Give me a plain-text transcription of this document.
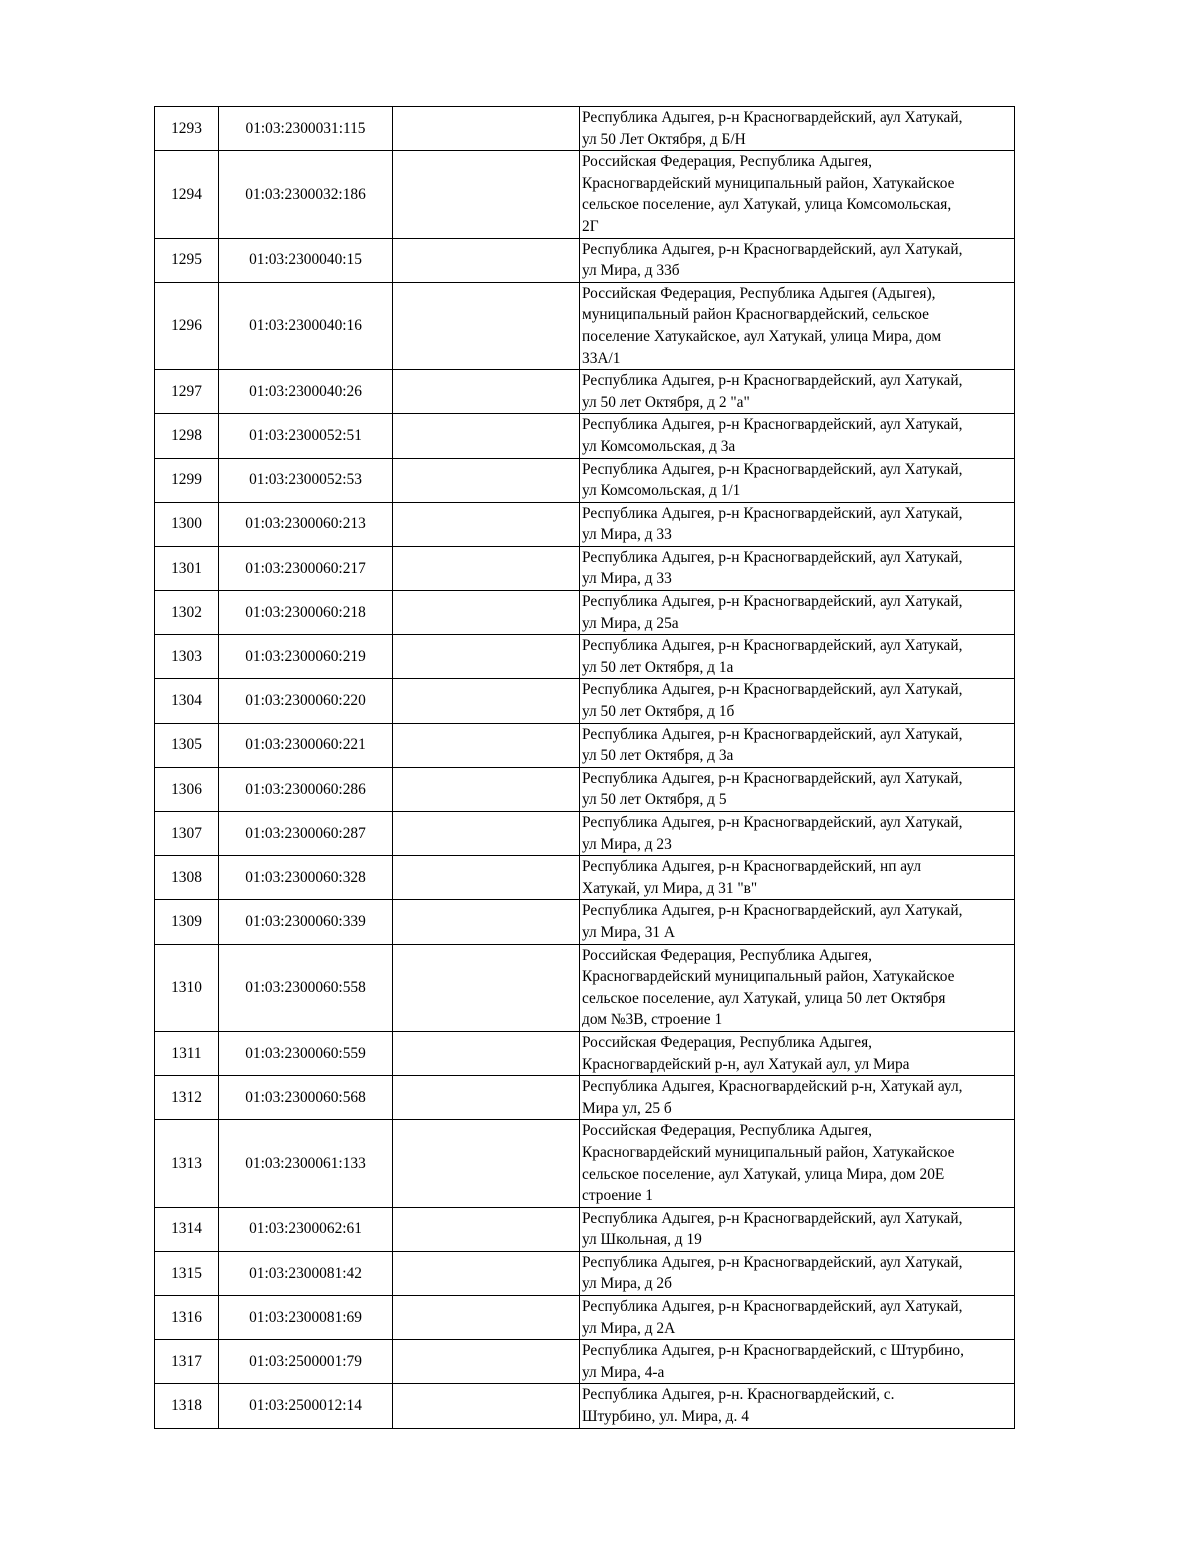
1293	01:03:2300031:115		Республика Адыгея, р-н Красногвардейский, аул Хатукай,
ул 50 Лет Октября, д Б/Н
1294	01:03:2300032:186		Российская Федерация, Республика Адыгея,
Красногвардейский муниципальный район, Хатукайское
сельское поселение, аул Хатукай, улица Комсомольская,
2Г
1295	01:03:2300040:15		Республика Адыгея, р-н Красногвардейский, аул Хатукай,
ул Мира, д 33б
1296	01:03:2300040:16		Российская Федерация, Республика Адыгея (Адыгея),
муниципальный район Красногвардейский, сельское
поселение Хатукайское, аул Хатукай, улица Мира, дом
33А/1
1297	01:03:2300040:26		Республика Адыгея, р-н Красногвардейский, аул Хатукай,
ул 50 лет Октября, д 2 "а"
1298	01:03:2300052:51		Республика Адыгея, р-н Красногвардейский, аул Хатукай,
ул Комсомольская, д 3а
1299	01:03:2300052:53		Республика Адыгея, р-н Красногвардейский, аул Хатукай,
ул Комсомольская, д 1/1
1300	01:03:2300060:213		Республика Адыгея, р-н Красногвардейский, аул Хатукай,
ул Мира, д 33
1301	01:03:2300060:217		Республика Адыгея, р-н Красногвардейский, аул Хатукай,
ул Мира, д 33
1302	01:03:2300060:218		Республика Адыгея, р-н Красногвардейский, аул Хатукай,
ул Мира, д 25а
1303	01:03:2300060:219		Республика Адыгея, р-н Красногвардейский, аул Хатукай,
ул 50 лет Октября, д 1а
1304	01:03:2300060:220		Республика Адыгея, р-н Красногвардейский, аул Хатукай,
ул 50 лет Октября, д 1б
1305	01:03:2300060:221		Республика Адыгея, р-н Красногвардейский, аул Хатукай,
ул 50 лет Октября, д 3а
1306	01:03:2300060:286		Республика Адыгея, р-н Красногвардейский, аул Хатукай,
ул 50 лет Октября, д 5
1307	01:03:2300060:287		Республика Адыгея, р-н Красногвардейский, аул Хатукай,
ул Мира, д 23
1308	01:03:2300060:328		Республика Адыгея, р-н Красногвардейский, нп аул
Хатукай, ул Мира, д 31 "в"
1309	01:03:2300060:339		Республика Адыгея, р-н Красногвардейский, аул Хатукай,
ул Мира, 31 А
1310	01:03:2300060:558		Российская Федерация, Республика Адыгея,
Красногвардейский муниципальный район, Хатукайское
сельское поселение, аул Хатукай, улица 50 лет Октября
дом №3В, строение 1
1311	01:03:2300060:559		Российская Федерация, Республика Адыгея,
Красногвардейский р-н, аул Хатукай аул, ул Мира
1312	01:03:2300060:568		Республика Адыгея, Красногвардейский р-н, Хатукай аул,
Мира ул, 25 б
1313	01:03:2300061:133		Российская Федерация, Республика Адыгея,
Красногвардейский муниципальный район, Хатукайское
сельское поселение, аул Хатукай, улица Мира, дом 20Е
строение 1
1314	01:03:2300062:61		Республика Адыгея, р-н Красногвардейский, аул Хатукай,
ул Школьная, д 19
1315	01:03:2300081:42		Республика Адыгея, р-н Красногвардейский, аул Хатукай,
ул Мира, д 2б
1316	01:03:2300081:69		Республика Адыгея, р-н Красногвардейский, аул Хатукай,
ул Мира, д 2А
1317	01:03:2500001:79		Республика Адыгея, р-н Красногвардейский, с Штурбино,
ул Мира, 4-а
1318	01:03:2500012:14		Республика Адыгея, р-н. Красногвардейский, с.
Штурбино, ул. Мира, д. 4
